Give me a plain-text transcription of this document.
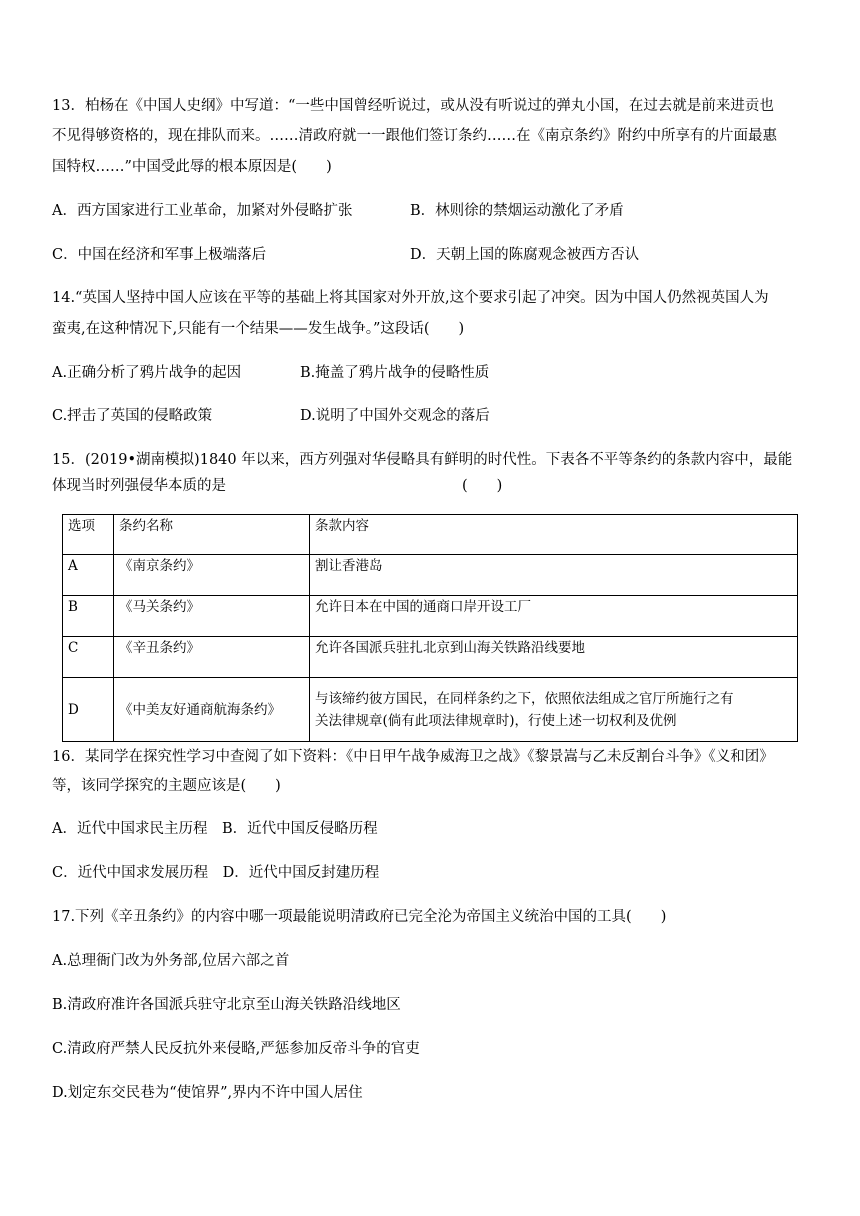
13．柏杨在《中国人史纲》中写道：“一些中国曾经听说过，或从没有听说过的弹丸小国，在过去就是前来进贡也
不见得够资格的，现在排队而来。……清政府就一一跟他们签订条约……在《南京条约》附约中所享有的片面最惠
国特权……”中国受此辱的根本原因是(　　)
A．西方国家进行工业革命，加紧对外侵略扩张	B．林则徐的禁烟运动激化了矛盾
C．中国在经济和军事上极端落后	D．天朝上国的陈腐观念被西方否认
14.“英国人坚持中国人应该在平等的基础上将其国家对外开放,这个要求引起了冲突。因为中国人仍然视英国人为
蛮夷,在这种情况下,只能有一个结果——发生战争。”这段话(　　)
A.正确分析了鸦片战争的起因	B.掩盖了鸦片战争的侵略性质
C.抨击了英国的侵略政策	D.说明了中国外交观念的落后
15．(2019•湖南模拟)1840 年以来，西方列强对华侵略具有鲜明的时代性。下表各不平等条约的条款内容中，最能
体现当时列强侵华本质的是	(　　)
选项	条约名称	条款内容
A	《南京条约》	割让香港岛
B	《马关条约》	允许日本在中国的通商口岸开设工厂
C	《辛丑条约》	允许各国派兵驻扎北京到山海关铁路沿线要地
D	《中美友好通商航海条约》	与该缔约彼方国民，在同样条约之下，依照依法组成之官厅所施行之有
关法律规章(倘有此项法律规章时)，行使上述一切权利及优例
16．某同学在探究性学习中查阅了如下资料：《中日甲午战争威海卫之战》《黎景嵩与乙未反割台斗争》《义和团》
等，该同学探究的主题应该是(　　)
A．近代中国求民主历程　B．近代中国反侵略历程
C．近代中国求发展历程　D．近代中国反封建历程
17.下列《辛丑条约》的内容中哪一项最能说明清政府已完全沦为帝国主义统治中国的工具(　　)
A.总理衙门改为外务部,位居六部之首
B.清政府准许各国派兵驻守北京至山海关铁路沿线地区
C.清政府严禁人民反抗外来侵略,严惩参加反帝斗争的官吏
D.划定东交民巷为“使馆界”,界内不许中国人居住
